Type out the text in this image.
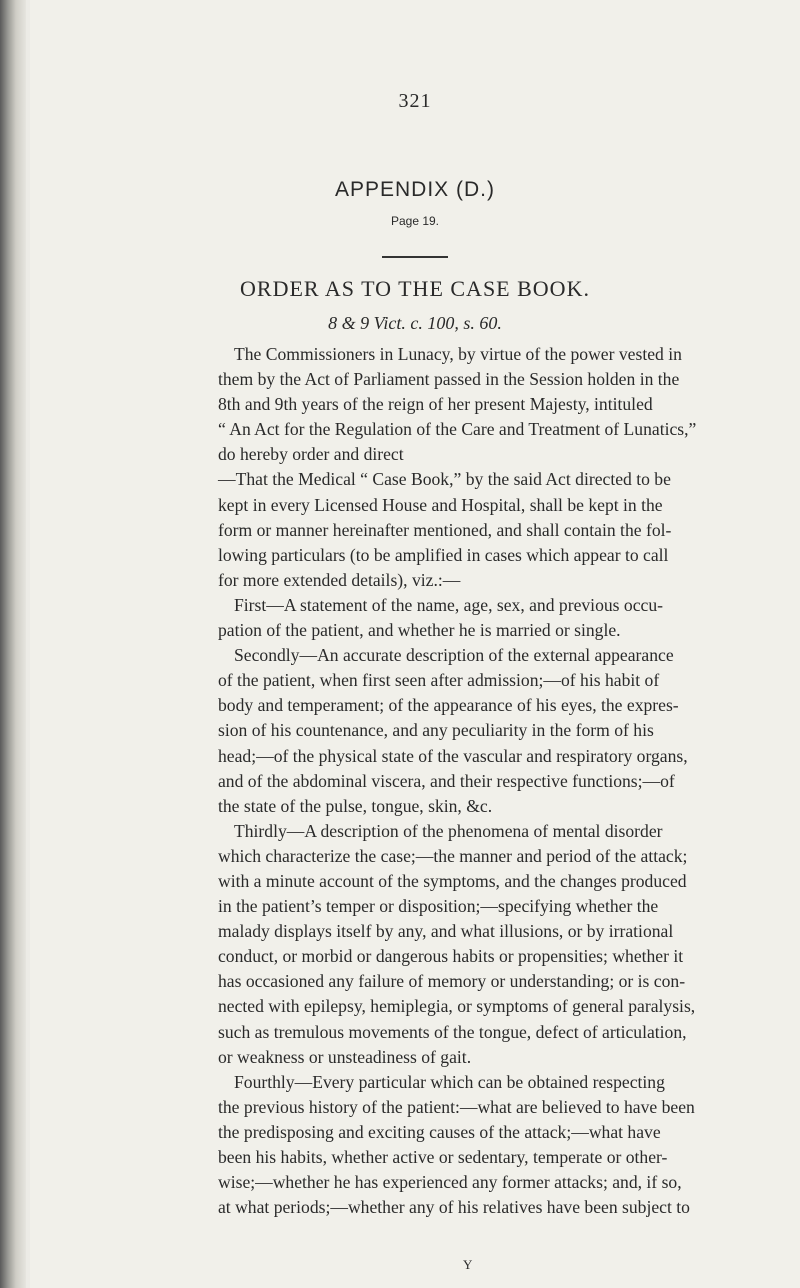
321
APPENDIX (D.)
Page 19.
ORDER AS TO THE CASE BOOK.
8 & 9 Vict. c. 100, s. 60.
The Commissioners in Lunacy, by virtue of the power vested in
them by the Act of Parliament passed in the Session holden in the
8th and 9th years of the reign of her present Majesty, intituled
“ An Act for the Regulation of the Care and Treatment of Lunatics,”
do hereby order and direct
—That the Medical “ Case Book,” by the said Act directed to be
kept in every Licensed House and Hospital, shall be kept in the
form or manner hereinafter mentioned, and shall contain the fol-
lowing particulars (to be amplified in cases which appear to call
for more extended details), viz.:—
First—A statement of the name, age, sex, and previous occu-
pation of the patient, and whether he is married or single.
Secondly—An accurate description of the external appearance
of the patient, when first seen after admission;—of his habit of
body and temperament; of the appearance of his eyes, the expres-
sion of his countenance, and any peculiarity in the form of his
head;—of the physical state of the vascular and respiratory organs,
and of the abdominal viscera, and their respective functions;—of
the state of the pulse, tongue, skin, &c.
Thirdly—A description of the phenomena of mental disorder
which characterize the case;—the manner and period of the attack;
with a minute account of the symptoms, and the changes produced
in the patient’s temper or disposition;—specifying whether the
malady displays itself by any, and what illusions, or by irrational
conduct, or morbid or dangerous habits or propensities; whether it
has occasioned any failure of memory or understanding; or is con-
nected with epilepsy, hemiplegia, or symptoms of general paralysis,
such as tremulous movements of the tongue, defect of articulation,
or weakness or unsteadiness of gait.
Fourthly—Every particular which can be obtained respecting
the previous history of the patient:—what are believed to have been
the predisposing and exciting causes of the attack;—what have
been his habits, whether active or sedentary, temperate or other-
wise;—whether he has experienced any former attacks; and, if so,
at what periods;—whether any of his relatives have been subject to
Y
